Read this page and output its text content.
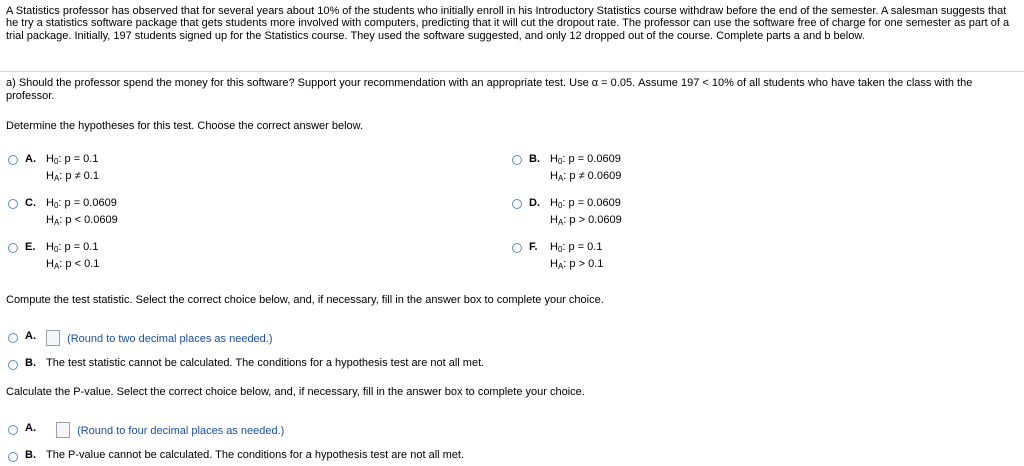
A Statistics professor has observed that for several years about 10% of the students who initially enroll in his Introductory Statistics course withdraw before the end of the semester. A salesman suggests that he try a statistics software package that gets students more involved with computers, predicting that it will cut the dropout rate. The professor can use the software free of charge for one semester as part of a trial package. Initially, 197 students signed up for the Statistics course. They used the software suggested, and only 12 dropped out of the course. Complete parts a and b below.

a) Should the professor spend the money for this software? Support your recommendation with an appropriate test. Use α = 0.05. Assume 197 < 10% of all students who have taken the class with the professor.

Determine the hypotheses for this test. Choose the correct answer below.

A. $H_0$: p = 0.1
$H_A$: p ≠ 0.1
B. $H_0$: p = 0.0609
$H_A$: p ≠ 0.0609
C. $H_0$: p = 0.0609
$H_A$: p < 0.0609
D. $H_0$: p = 0.0609
$H_A$: p > 0.0609
E. $H_0$: p = 0.1
$H_A$: p < 0.1
F. $H_0$: p = 0.1
$H_A$: p > 0.1

Compute the test statistic. Select the correct choice below, and, if necessary, fill in the answer box to complete your choice.

A.	(Round to two decimal places as needed.)
B. The test statistic cannot be calculated. The conditions for a hypothesis test are not all met.

Calculate the P-value. Select the correct choice below, and, if necessary, fill in the answer box to complete your choice.

A.	(Round to four decimal places as needed.)
B. The P-value cannot be calculated. The conditions for a hypothesis test are not all met.
